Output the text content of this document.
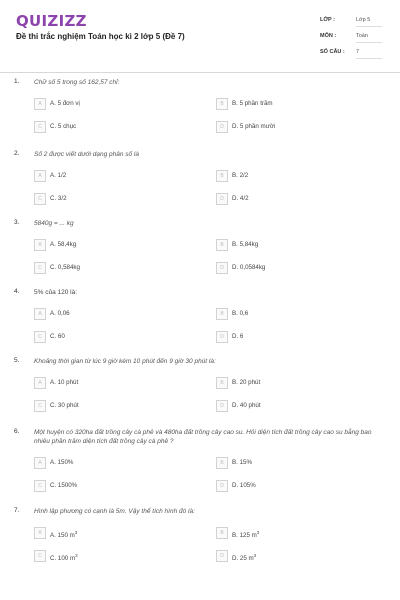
QUIZIZZ
Đề thi trắc nghiệm Toán học kì 2 lớp 5 (Đề 7)
LỚP :	Lớp 5
MÔN :	Toán
SỐ CÂU : 7
1. Chữ số 5 trong số 162,57 chỉ:
A	A. 5 đơn vị	B	B. 5 phần trăm
C	C. 5 chục	D	D. 5 phần mười
2. Số 2 được viết dưới dạng phân số là
A	A. 1/2	B	B. 2/2
C	C. 3/2	D	D. 4/2
3. 5840g = ... kg
A	A. 58,4kg	B	B. 5,84kg
C	C. 0,584kg	D	D. 0,0584kg
4. 5% của 120 là:
A	A. 0,06	B	B. 0,6
C	C. 60	D	D. 6
5. Khoảng thời gian từ lúc 9 giờ kém 10 phút đến 9 giờ 30 phút là:
A	A. 10 phút	B	B. 20 phút
C	C. 30 phút	D	D. 40 phút
6. Một huyện có 320ha đất trồng cây cà phê và 480ha đất trồng cây cao su. Hỏi diện tích đất trồng cây cao su bằng bao nhiêu phần trăm diện tích đất trồng cây cà phê ?
A	A. 150%	B	B. 15%
C	C. 1500%	D	D. 105%
7. Hình lập phương có cạnh là 5m. Vậy thể tích hình đó là:
A	A. 150 $m^3$	B	B. 125 $m^3$
C	C. 100 $m^3$	D	D. 25 $m^3$
